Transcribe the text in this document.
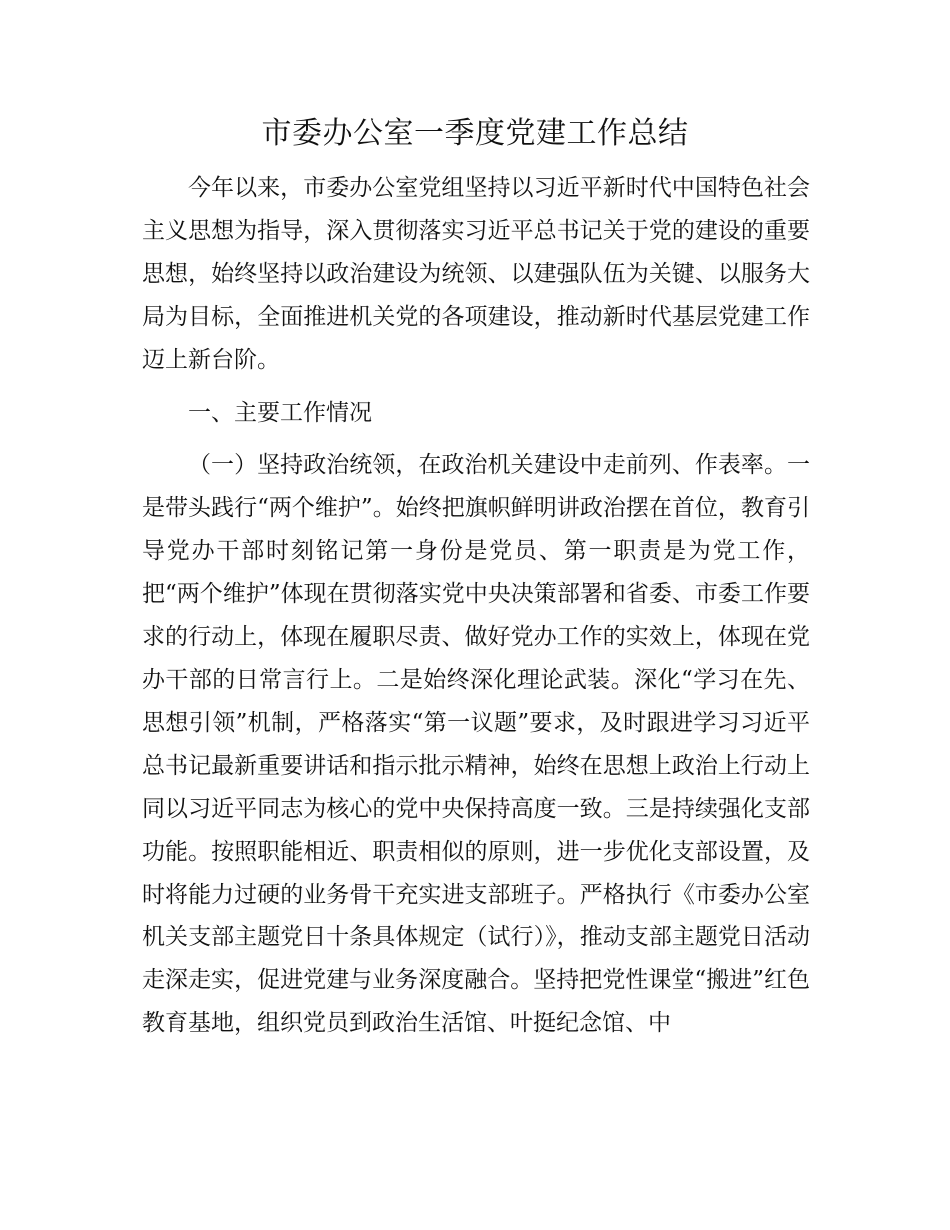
市委办公室一季度党建工作总结

今年以来，市委办公室党组坚持以习近平新时代中国特色社会主义思想为指导，深入贯彻落实习近平总书记关于党的建设的重要思想，始终坚持以政治建设为统领、以建强队伍为关键、以服务大局为目标，全面推进机关党的各项建设，推动新时代基层党建工作迈上新台阶。

一、主要工作情况

（一）坚持政治统领，在政治机关建设中走前列、作表率。一是带头践行“两个维护”。始终把旗帜鲜明讲政治摆在首位，教育引导党办干部时刻铭记第一身份是党员、第一职责是为党工作，把“两个维护”体现在贯彻落实党中央决策部署和省委、市委工作要求的行动上，体现在履职尽责、做好党办工作的实效上，体现在党办干部的日常言行上。二是始终深化理论武装。深化“学习在先、思想引领”机制，严格落实“第一议题”要求，及时跟进学习习近平总书记最新重要讲话和指示批示精神，始终在思想上政治上行动上同以习近平同志为核心的党中央保持高度一致。三是持续强化支部功能。按照职能相近、职责相似的原则，进一步优化支部设置，及时将能力过硬的业务骨干充实进支部班子。严格执行《市委办公室机关支部主题党日十条具体规定（试行）》，推动支部主题党日活动走深走实，促进党建与业务深度融合。坚持把党性课堂“搬进”红色教育基地，组织党员到政治生活馆、叶挺纪念馆、中
